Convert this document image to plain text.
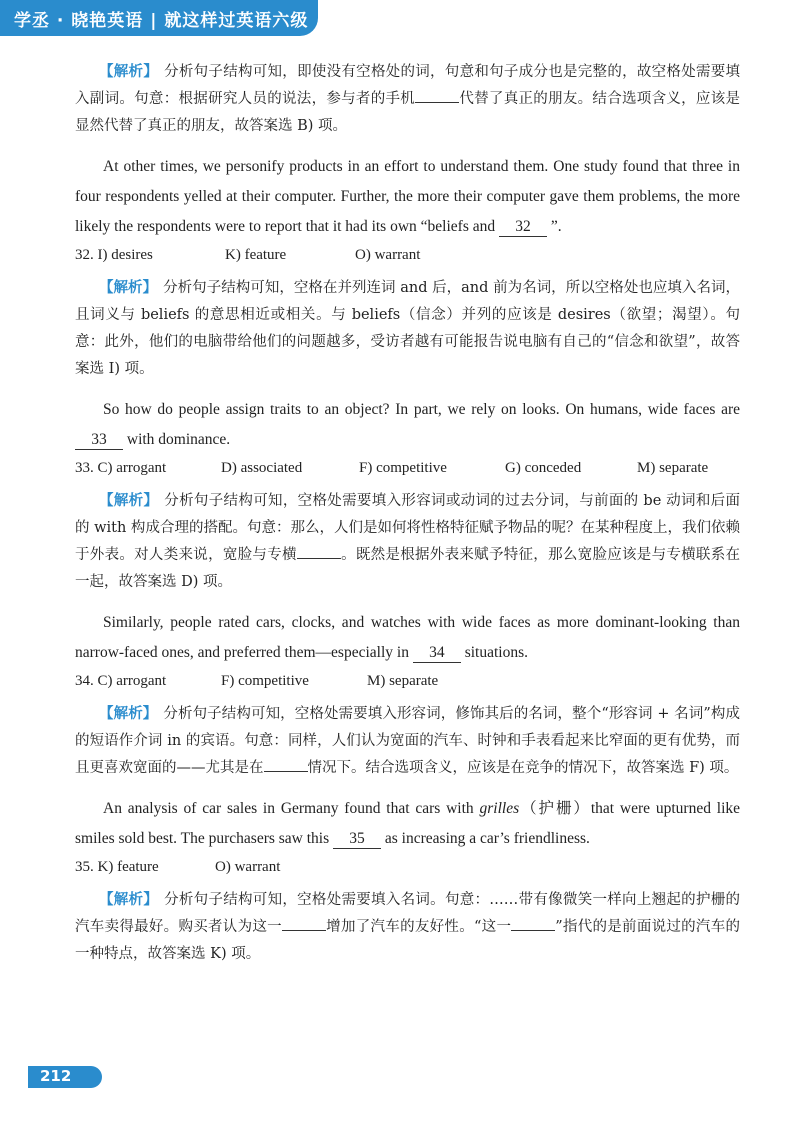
学丞 · 晓艳英语 | 就这样过英语六级
【解析】 分析句子结构可知，即使没有空格处的词，句意和句子成分也是完整的，故空格处需要填入副词。句意：根据研究人员的说法，参与者的手机	代替了真正的朋友。结合选项含义，应该是显然代替了真正的朋友，故答案选 B) 项。
At other times, we personify products in an effort to understand them. One study found that three in four respondents yelled at their computer. Further, the more their computer gave them problems, the more likely the respondents were to report that it had its own “beliefs and 32 ”.
32. I) desires	K) feature	O) warrant
【解析】 分析句子结构可知，空格在并列连词 and 后，and 前为名词，所以空格处也应填入名词，且词义与 beliefs 的意思相近或相关。与 beliefs（信念）并列的应该是 desires（欲望；渴望）。句意：此外，他们的电脑带给他们的问题越多，受访者越有可能报告说电脑有自己的“信念和欲望”，故答案选 I) 项。
So how do people assign traits to an object? In part, we rely on looks. On humans, wide faces are 33 with dominance.
33. C) arrogant	D) associated	F) competitive	G) conceded	M) separate
【解析】 分析句子结构可知，空格处需要填入形容词或动词的过去分词，与前面的 be 动词和后面的 with 构成合理的搭配。句意：那么，人们是如何将性格特征赋予物品的呢？在某种程度上，我们依赖于外表。对人类来说，宽脸与专横	。既然是根据外表来赋予特征，那么宽脸应该是与专横联系在一起，故答案选 D) 项。
Similarly, people rated cars, clocks, and watches with wide faces as more dominant-looking than narrow-faced ones, and preferred them—especially in 34 situations.
34. C) arrogant	F) competitive	M) separate
【解析】 分析句子结构可知，空格处需要填入形容词，修饰其后的名词，整个“形容词 + 名词”构成的短语作介词 in 的宾语。句意：同样，人们认为宽面的汽车、时钟和手表看起来比窄面的更有优势，而且更喜欢宽面的——尤其是在	情况下。结合选项含义，应该是在竞争的情况下，故答案选 F) 项。
An analysis of car sales in Germany found that cars with grilles（护栅）that were upturned like smiles sold best. The purchasers saw this 35 as increasing a car’s friendliness.
35. K) feature	O) warrant
【解析】 分析句子结构可知，空格处需要填入名词。句意：……带有像微笑一样向上翘起的护栅的汽车卖得最好。购买者认为这一	增加了汽车的友好性。“这一	”指代的是前面说过的汽车的一种特点，故答案选 K) 项。
212
